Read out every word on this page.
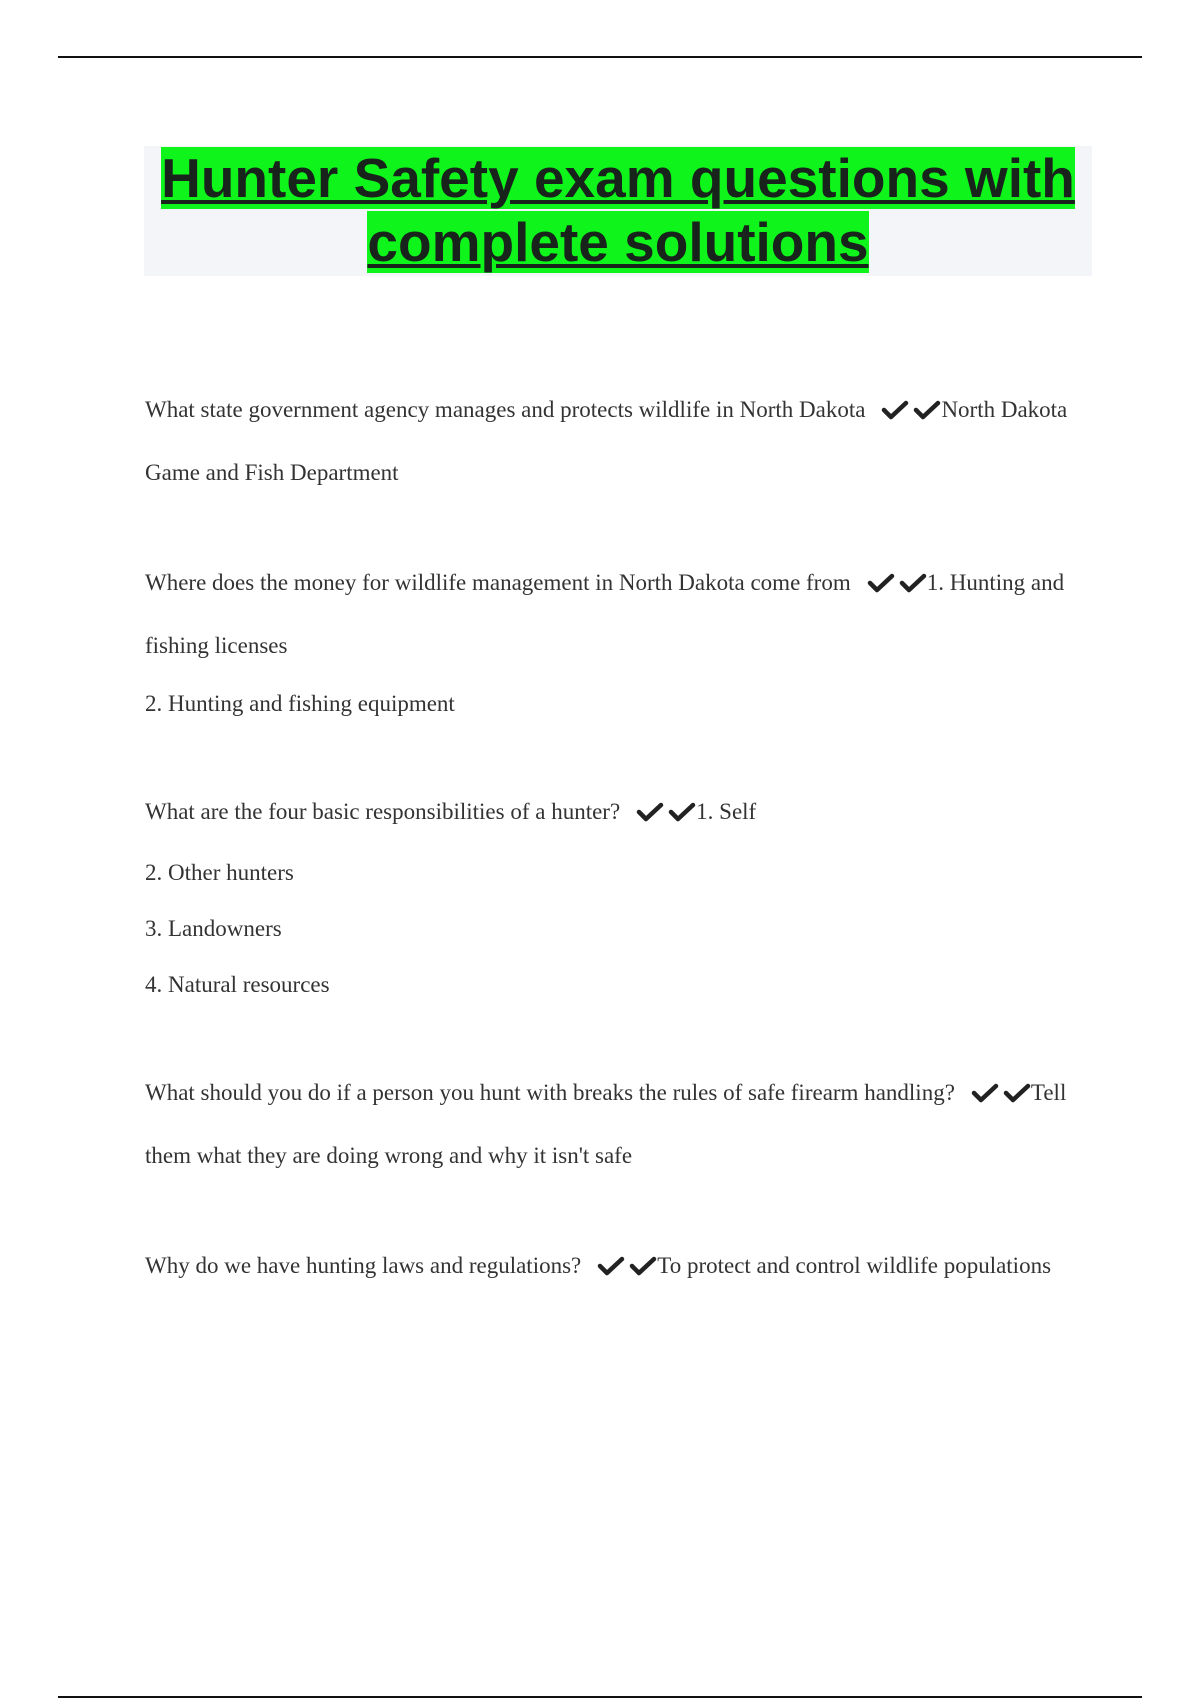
Hunter Safety exam questions with
complete solutions

What state government agency manages and protects wildlife in North Dakota	North Dakota Game and Fish Department

Where does the money for wildlife management in North Dakota come from	1. Hunting and fishing licenses

2. Hunting and fishing equipment

What are the four basic responsibilities of a hunter?	1. Self

2. Other hunters

3. Landowners

4. Natural resources

What should you do if a person you hunt with breaks the rules of safe firearm handling?	Tell them what they are doing wrong and why it isn't safe

Why do we have hunting laws and regulations?	To protect and control wildlife populations
